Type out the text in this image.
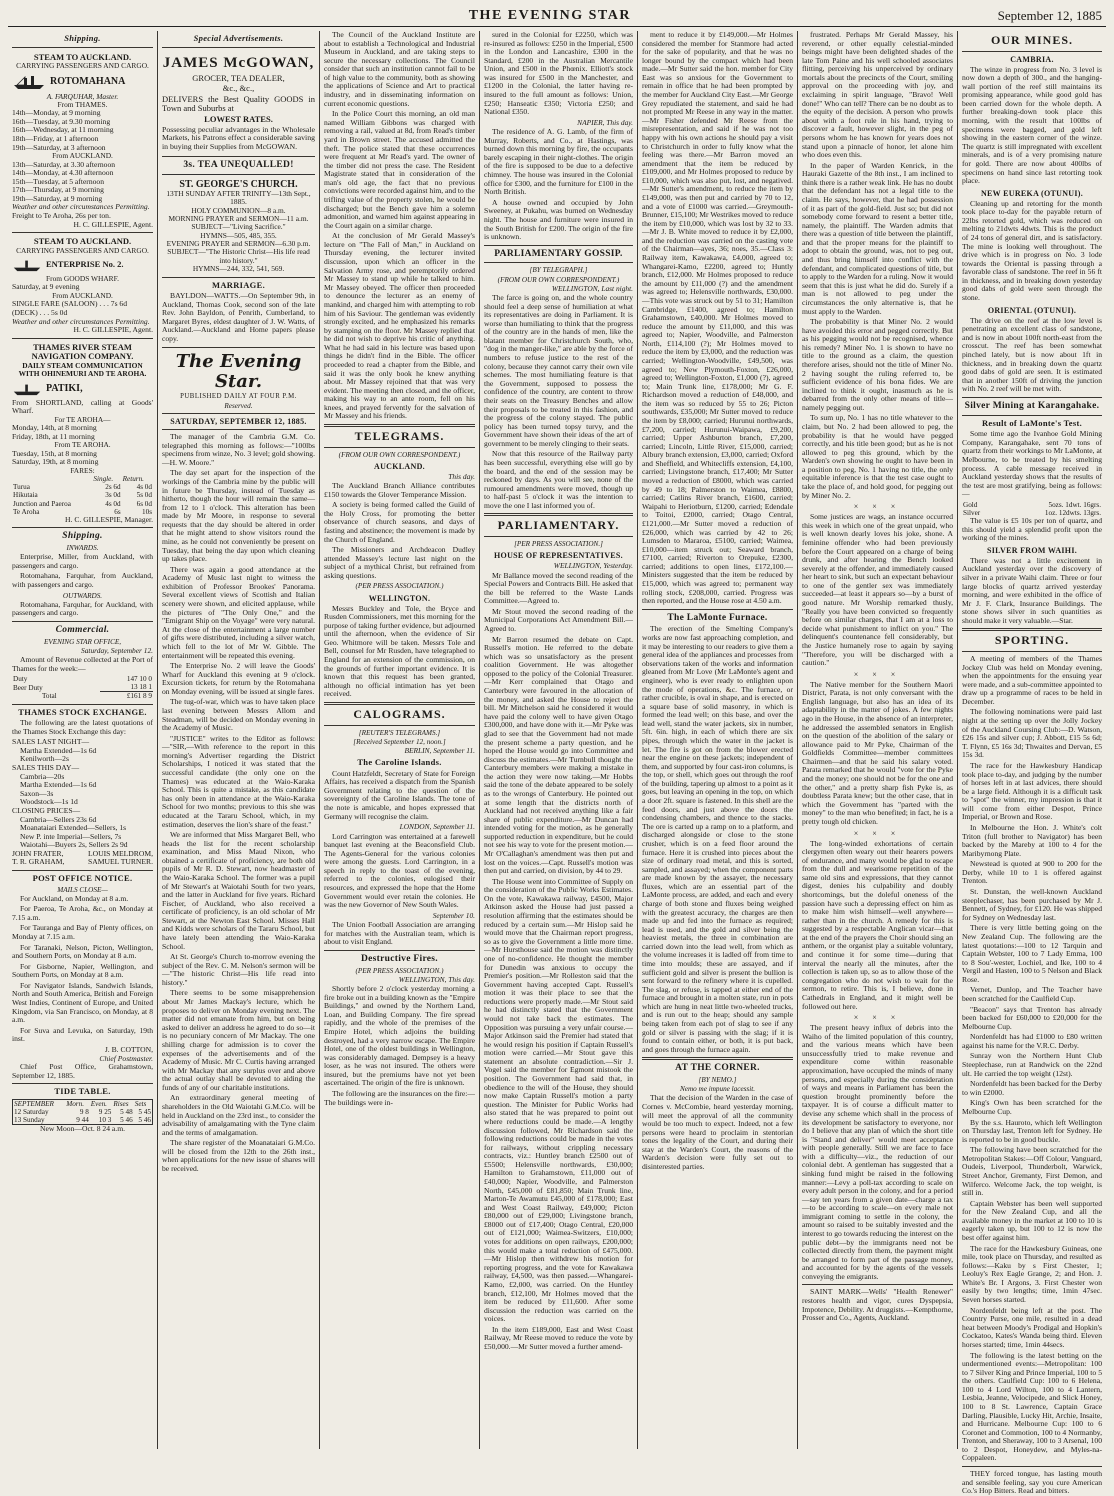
THE EVENING STAR	September 12, 1885
Shipping.
STEAM TO AUCKLAND.
CARRYING PASSENGERS AND CARGO.
ROTOMAHANA
A. FARQUHAR, Master.
From THAMES.
14th—Monday, at 9 morning
16th—Tuesday, at 9.30 morning
16th—Wednesday, at 11 morning
18th—Friday, at 1 afternoon
19th—Saturday, at 3 afternoon
From AUCKLAND.
13th—Saturday, at 3.30 afternoon
14th—Monday, at 4.30 afternoon
15th—Tuesday, at 5 afternoon
17th—Thursday, at 9 morning
19th—Saturday, at 9 morning
Weather and other circumstances Permitting.
Freight to Te Aroha, 26s per ton.
H. C. GILLESPIE, Agent.
STEAM TO AUCKLAND.
CARRYING PASSENGERS AND CARGO.
ENTERPRISE No. 2.
From GOODS WHARF.
Saturday, at 9 evening
From AUCKLAND.
SINGLE FARE (SALOON) . . . 7s 6d
(DECK) . . . 5s 0d
Weather and other circumstances Permitting.
H. C. GILLESPIE, Agent.
THAMES RIVER STEAM NAVIGATION COMPANY.
DAILY STEAM COMMUNICATION WITH OHINEMURI AND TE AROHA.
PATIKI,
From SHORTLAND, calling at Goods' Wharf.
For TE AROHA—
Monday, 14th, at 8 morning
Friday, 18th, at 11 morning
From TE AROHA.
Tuesday, 15th, at 8 morning
Saturday, 19th, at 8 morning
FARES:
	Single.	Return.
Turua	2s 6d	4s 0d
Hikutaia	3s 0d	5s 0d
Junction and Paeroa	4s 0d	6s 0d
Te Aroha	6s	10s
H. C. GILLESPIE, Manager.
Shipping.
INWARDS.
Enterprise, Miller, from Auckland, with passengers and cargo.
Rotomahana, Farquhar, from Auckland, with passengers and cargo.
OUTWARDS.
Rotomahana, Farquhar, for Auckland, with passengers and cargo.
Commercial.
EVENING STAR OFFICE,
Saturday, September 12.
Amount of Revenue collected at the Port of Thames for the week:—
Duty	147 10 0
Beer Duty	13 18 1
Total	£161 8 9
THAMES STOCK EXCHANGE.
The following are the latest quotations of the Thames Stock Exchange this day:
SALES LAST NIGHT—
Martha Extended—1s 6d
Kenilworth—2s
SALES THIS DAY—
Cambria—20s
Martha Extended—1s 6d
Saxon—3s
Woodstock—1s 1d
CLOSING PRICES—
Cambria—Sellers 23s 6d
Moanataiari Extended—Sellers, 1s
New P. inte Imperial—Sellers, 7s
Waiotahi—Buyers 2s, Sellers 2s 9d
JOHN FRATER,	LOUIS MELDROM,
T. R. GRAHAM,	SAMUEL TURNER.
POST OFFICE NOTICE.
MAILS CLOSE—
For Auckland, on Monday at 8 a.m.
For Paeroa, Te Aroha, &c., on Monday at 7.15 a.m.
For Tauranga and Bay of Plenty offices, on Monday at 7.15 a.m.
For Taranaki, Nelson, Picton, Wellington, and Southern Ports, on Monday at 8 a.m.
For Gisborne, Napier, Wellington, and Southern Ports, on Monday at 8 a.m.
For Navigator Islands, Sandwich Islands, North and South America, British and Foreign West Indies, Continent of Europe, and United Kingdom, via San Francisco, on Monday, at 8 a.m.
For Suva and Levuka, on Saturday, 19th inst.
J. B. COTTON,
Chief Postmaster.
Chief Post Office, Grahamstown, September 12, 1885.
TIDE TABLE.
SEPTEMBER	Morn.	Even.	Rises	Sets
12 Saturday	9 8	9 25	5 48	5 45
13 Sunday	9 44	10 3	5 46	5 46
New Moon—Oct. 8 24 a.m.
Special Advertisements.
JAMES McGOWAN,
GROCER, TEA DEALER,
&c., &c.,
DELIVERS the Best Quality GOODS in Town and Suburbs at
LOWEST RATES.
Possessing peculiar advantages in the Wholesale Markets, his Patrons effect a considerable saving in buying their Supplies from McGOWAN.
3s. TEA UNEQUALLED!
ST. GEORGE'S CHURCH.
13TH SUNDAY AFTER TRINITY—13th Sept., 1885.
HOLY COMMUNION—8 a.m.
MORNING PRAYER and SERMON—11 a.m.
SUBJECT—"Living Sacrifice."
HYMNS—505, 485, 355.
EVENING PRAYER and SERMON—6.30 p.m.
SUBJECT—"The Historic Christ—His life read into history."
HYMNS—244, 332, 541, 569.
MARRIAGE.
BAYLDON—WATTS.—On September 9th, in Auckland, Thomas Cook, second son of the late Rev. John Bayldon, of Penrith, Cumberland, to Margaret Byres, eldest daughter of J. W. Watts, of Auckland.—Auckland and Home papers please copy.
The Evening Star.
PUBLISHED DAILY AT FOUR P.M.
Reserved.
SATURDAY, SEPTEMBER 12, 1885.
The manager of the Cambria G.M. Co. telegraphed this morning as follows:—"100lbs specimens from winze, No. 3 level; gold showing.—H. W. Moore."
The day set apart for the inspection of the workings of the Cambria mine by the public will in future be Thursday, instead of Tuesday as hitherto, though the hour will remain the same—from 12 to 1 o'clock. This alteration has been made by Mr Moore, in response to several requests that the day should be altered in order that he might attend to show visitors round the mine, as he could not conveniently be present on Tuesday, that being the day upon which cleaning up takes place.
There was again a good attendance at the Academy of Music last night to witness the exhibition of Professor Brookes' Panorama. Several excellent views of Scottish and Italian scenery were shown, and elicited applause, while the pictures of "The Only One," and the "Emigrant Ship on the Voyage" were very natural. At the close of the entertainment a large number of gifts were distributed, including a silver watch, which fell to the lot of Mr W. Gibble. The entertainment will be repeated this evening.
The Enterprise No. 2 will leave the Goods' Wharf for Auckland this evening at 9 o'clock. Excursion tickets, for return by the Rotomahana on Monday evening, will be issued at single fares.
The tug-of-war, which was to have taken place last evening between Messrs Allom and Steadman, will be decided on Monday evening in the Academy of Music.
"JUSTICE" writes to the Editor as follows:—"SIR,—With reference to the report in this morning's Advertiser regarding the District Scholarships, I noticed it was stated that the successful candidate (the only one on the Thames) was educated at the Waio-Karaka School. This is quite a mistake, as this candidate has only been in attendance at the Waio-Karaka School for two months; previous to this she was educated at the Tararu School, which, in my estimation, deserves the lion's share of the feast."
We are informed that Miss Margaret Bell, who heads the list for the recent scholarship examination, and Miss Maud Nixon, who obtained a certificate of proficiency, are both old pupils of Mr R. D. Stewart, now headmaster of the Waio-Karaka School. The former was a pupil of Mr Stewart's at Waiotahi South for two years, and the latter in Auckland for five years. Richard Fischer, of Auckland, who also received a certificate of proficiency, is an old scholar of Mr Stewart, at the Newton East School. Misses Hall and Kidds were scholars of the Tararu School, but have lately been attending the Waio-Karaka School.
At St. George's Church to-morrow evening the subject of the Rev. C. M. Nelson's sermon will be—"The historic Christ—His life read into history."
There seems to be some misapprehension about Mr James Mackay's lecture, which he proposes to deliver on Monday evening next. The matter did not emanate from him, but on being asked to deliver an address he agreed to do so—it is no pecuniary concern of Mr Mackay. The one shilling charge for admission is to cover the expenses of the advertisements and of the Academy of Music. Mr C. Curtis having arranged with Mr Mackay that any surplus over and above the actual outlay shall be devoted to aiding the funds of any of our charitable institutions.
An extraordinary general meeting of shareholders in the Old Waiotahi G.M.Co. will be held in Auckland on the 23rd inst., to consider the advisability of amalgamating with the Tyne claim and the terms of amalgamation.
The share register of the Moanataiari G.M.Co. will be closed from the 12th to the 26th inst., when applications for the new issue of shares will be received.
The Council of the Auckland Institute are about to establish a Technological and Industrial Museum in Auckland, and are taking steps to secure the necessary collections. The Council consider that such an institution cannot fail to be of high value to the community, both as showing the applications of Science and Art to practical industry, and in disseminating information on current economic questions.
In the Police Court this morning, an old man named William Gibbons was charged with removing a rail, valued at 8d, from Read's timber yard in Brown street. The accused admitted the theft. The police stated that these occurrences were frequent at Mr Read's yard. The owner of the timber did not press the case. The Resident Magistrate stated that in consideration of the man's old age, the fact that no previous convictions were recorded against him, and to the trifling value of the property stolen, he would be discharged; but the Bench gave him a solemn admonition, and warned him against appearing in the Court again on a similar charge.
At the conclusion of Mr Gerald Massey's lecture on "The Fall of Man," in Auckland on Thursday evening, the lecturer invited discussion, upon which an officer in the Salvation Army rose, and peremptorily ordered Mr Massey to stand up while he talked to him. Mr Massey obeyed. The officer then proceeded to denounce the lecturer as an enemy of mankind, and charged him with attempting to rob him of his Saviour. The gentleman was evidently strongly excited, and he emphasized his remarks by stamping on the floor. Mr Massey replied that he did not wish to deprive his critic of anything. What he had said in his lecture was based upon things he didn't find in the Bible. The officer proceeded to read a chapter from the Bible, and said it was the only book he knew anything about. Mr Massey rejoined that that was very evident. The meeting then closed, and the officer, making his way to an ante room, fell on his knees, and prayed fervently for the salvation of Mr Massey and his friends.
TELEGRAMS.
(FROM OUR OWN CORRESPONDENT.)
AUCKLAND.
This day.
The Auckland Branch Alliance contributes £150 towards the Glover Temperance Mission.
A society is being formed called the Guild of the Holy Cross, for promoting the better observance of church seasons, and days of fasting and abstinence; the movement is made by the Church of England.
The Missioners and Archdeacon Dudley attended Massey's lecture last night on the subject of a mythical Christ, but refrained from asking questions.
(PER PRESS ASSOCIATION.)
WELLINGTON.
Messrs Buckley and Tole, the Bryce and Rusden Commissioners, met this morning for the purpose of taking further evidence, but adjourned until the afternoon, when the evidence of Sir Geo. Whitmore will be taken. Messrs Tole and Bell, counsel for Mr Rusden, have telegraphed to England for an extension of the commission, on the grounds of further important evidence. It is known that this request has been granted, although no official intimation has yet been received.
CALOGRAMS.
[REUTER'S TELEGRAMS.]
[Received September 12, noon.]
BERLIN, September 11.
The Caroline Islands.
Count Hatzfeldt, Secretary of State for Foreign Affairs, has received a dispatch from the Spanish Government relating to the question of the sovereignty of the Caroline Islands. The tone of the note is amicable, and hopes expressed that Germany will recognise the claim.
LONDON, September 11.
Lord Carrington was entertained at a farewell banquet last evening at the Beaconsfield Club. The Agents-General for the various colonies were among the guests. Lord Carrington, in a speech in reply to the toast of the evening, referred to the colonies, eulogised their resources, and expressed the hope that the Home Government would ever retain the colonies. He was the new Governor of New South Wales.
September 10.
The Union Football Association are arranging for matches with the Australian team, which is about to visit England.
Destructive Fires.
(PER PRESS ASSOCIATION.)
WELLINGTON, This day.
Shortly before 2 o'clock yesterday morning a fire broke out in a building known as the "Empire Buildings," and owned by the Northern Land, Loan, and Building Company. The fire spread rapidly, and the whole of the premises of the Empire Hotel, which adjoins the building destroyed, had a very narrow escape. The Empire Hotel, one of the oldest buildings in Wellington, was considerably damaged. Dempsey is a heavy loser, as he was not insured. The others were insured, but the premiums have not yet been ascertained. The origin of the fire is unknown.
The following are the insurances on the fire:—The buildings were in-
sured in the Colonial for £2250, which was re-insured as follows: £250 in the Imperial, £500 in the London and Lancashire, £300 in the Standard, £200 in the Australian Mercantile Union, and £500 in the Phœnix. Elliott's stock was insured for £500 in the Manchester, and £1200 in the Colonial, the latter having re-insured to the full amount as follows: Union, £250; Hanseatic £350; Victoria £250; and National £350.
NAPIER, This day.
The residence of A. G. Lamb, of the firm of Murray, Roberts, and Co., at Hastings, was burned down this morning by fire, the occupants barely escaping in their night-clothes. The origin of the fire is supposed to be due to a defective chimney. The house was insured in the Colonial office for £300, and the furniture for £100 in the North British.
A house owned and occupied by John Sweeney, at Pukahu, was burned on Wednesday night. The house and furniture were insured in the South British for £200. The origin of the fire is unknown.
PARLIAMENTARY GOSSIP.
[BY TELEGRAPH.]
(FROM OUR OWN CORRESPONDENT.)
WELLINGTON, Last night.
The farce is going on, and the whole country should feel a deep sense of humiliation at what its representatives are doing in Parliament. It is worse than humiliating to think that the progress of the country are in the hands of men, like the blatant member for Christchurch South, who, "dog in the manger-like," are able by the force of numbers to refuse justice to the rest of the colony, because they cannot carry their own vile schemes. The most humiliating feature is that the Government, supposed to possess the confidence of the country, are content to throw their seats on the Treasury Benches and allow their proposals to be treated in this fashion, and the progress of the colony stayed. The public policy has been turned topsy turvy, and the Government have shown their ideas of the art of government to be merely clinging to their seats.
Now that this resource of the Railway party has been successful, everything else will go by the board, and the end of the session may be reckoned by days. As you will see, none of the rumoured amendments were moved, though up to half-past 5 o'clock it was the intention to move the one I last informed you of.
PARLIAMENTARY.
[PER PRESS ASSOCIATION.]
HOUSE OF REPRESENTATIVES.
WELLINGTON, Yesterday.
Mr Ballance moved the second reading of the Special Powers and Contracts Bill. He asked that the bill be referred to the Waste Lands Committee.—Agreed to.
Mr Stout moved the second reading of the Municipal Corporations Act Amendment Bill.—Agreed to.
Mr Barron resumed the debate on Capt. Russell's motion. He referred to the debate which was so unsatisfactory as the present coalition Government. He was altogether opposed to the policy of the Colonial Treasurer.—Mr Kerr complained that Otago and Canterbury were favoured in the allocation of the money, and asked the House to reject the bill. Mr Mitchelson said he considered it would have paid the colony well to have given Otago £300,000, and have done with it.—Mr Pyke was glad to see that the Government had not made the present scheme a party question, and he hoped the House would go into Committee and discuss the estimates.—Mr Turnbull thought the Canterbury members were making a mistake in the action they were now taking.—Mr Hobbs said the tone of the debate appeared to be solely as to the wrongs of Canterbury. He pointed out at some length that the districts north of Auckland had not received anything like a fair share of public expenditure.—Mr Duncan had intended voting for the motion, as he generally supported reduction in expenditure, but he could not see his way to vote for the present motion.—Mr O'Callaghan's amendment was then put and lost on the voices.—Capt. Russell's motion was then put and carried, on division, by 44 to 29.
The House went into Committee of Supply on the consideration of the Public Works Estimates. On the vote, Kawakawa railway, £4500, Major Atkinson asked the House had just passed a resolution affirming that the estimates should be reduced by a certain sum.—Mr Hislop said he would move that the Chairman report progress, so as to give the Government a little more time.—Mr Hursthouse said the motion was distinctly one of no-confidence. He thought the member for Dunedin was anxious to occupy the Premier's position.—Mr Rolleston said that the Government having accepted Capt. Russell's motion it was their place to see that the reductions were properly made.—Mr Stout said he had distinctly stated that the Government would not take back the estimates. The Opposition was pursuing a very unfair course.—Major Atkinson said the Premier had stated that he would resign his position if Captain Russell's motion were carried.—Mr Stout gave this statement an absolute contradiction.—Sir J. Vogel said the member for Egmont mistook the position. The Government had said that, in obedience to the will of the House, they should now make Captain Russell's motion a party question. The Minister for Public Works had also stated that he was prepared to point out where reductions could be made.—A lengthy discussion followed, Mr Richardson said the following reductions could be made in the votes for railways, without crippling necessary contracts, viz.: Huntley branch £2500 out of £5500; Helensville northwards, £30,000; Hamilton to Grahamstown, £11,000 out of £40,000; Napier, Woodville, and Palmerston North, £45,000 of £81,850; Main Trunk line, Marton-Te Awamutu £45,000 of £178,000; East and West Coast Railway, £49,000; Picton £80,000 out of £29,000; Livingstone branch, £8000 out of £17,400; Otago Central, £20,000 out of £121,000; Waimea-Switzers, £10,000; votes for additions on open railways, £200,000; this would make a total reduction of £475,000.—Mr Hislop then withdrew his motion for reporting progress, and the vote for Kawakawa railway, £4,500, was then passed.—Whangarei-Kamo, £2,000, was carried. On the Huntley branch, £12,100, Mr Holmes moved that the item be reduced by £11,600. After some discussion the reduction was carried on the voices.
In the item £189,000, East and West Coast Railway, Mr Reese moved to reduce the vote by £50,000.—Mr Sutter moved a further amend-
ment to reduce it by £149,000.—Mr Holmes considered the member for Stanmore had acted for the sake of popularity, and that he was no longer bound by the compact which had been made.—Mr Sutter said the hon. member for City East was so anxious for the Government to remain in office that he had been prompted by the member for Auckland City East.—Mr George Grey repudiated the statement, and said he had not prompted Mr Reese in any way in the matter.—Mr Fisher defended Mr Reese from the misrepresentation, and said if he was not too happy with his own actions he should pay a visit to Christchurch in order to fully know what the feeling was there.—Mr Barron moved an amendment that the item be reduced by £109,000, and Mr Holmes proposed to reduce by £10,000, which was also put, lost, and negatived.—Mr Sutter's amendment, to reduce the item by £149,000, was then put and carried by 70 to 12, and a vote of £1000 was carried.—Greymouth-Brunner, £15,100; Mr Westrikes moved to reduce the item by £10,000, which was lost by 32 to 33.—Mr J. B. White moved to reduce it by £2,000, and the reduction was carried on the casting vote of the Chairman—ayes, 36; noes, 35.—Class 3: Railway item, Kawakawa, £4,000, agreed to; Whangarei-Kamo, £2200, agreed to; Huntly branch, £12,000. Mr Holmes proposed to reduce the amount by £11,000 (?) and the amendment was agreed to; Helensville northwards, £30,000.—This vote was struck out by 51 to 31; Hamilton Cambridge, £1400, agreed to; Hamilton Grahamstown, £40,000. Mr Holmes moved to reduce the amount by £11,000, and this was agreed to; Napier, Woodville, and Palmerston North, £114,100 (?); Mr Holmes moved to reduce the item by £3,000, and the reduction was carried; Wellington-Woodville, £49,500, was agreed to; New Plymouth-Foxton, £26,000, agreed to; Wellington-Foxton, £1,000 (?), agreed to; Main Trunk line, £178,000; Mr G. F. Richardson moved a reduction of £48,000, and the item was so reduced by 55 to 26; Picton southwards, £35,000; Mr Sutter moved to reduce the item by £8,000; carried; Hurunui northwards, £7,200, carried; Hurunui-Waipawa, £9,200, carried; Upper Ashburton branch, £7,200, carried; Lincoln, Little River, £15,000, carried; Albury branch extension, £3,000, carried; Oxford and Sheffield, and Whitecliffs extension, £4,100, carried; Livingstone branch, £17,400; Mr Sutter moved a reduction of £8000, which was carried by 49 to 18; Palmerston to Waimea, £8800, carried; Catlins River branch, £1600, carried; Waipahi to Heriotburn, £1200, carried; Edendale to Toitoi, £2000, carried; Otago Central, £121,000.—Mr Sutter moved a reduction of £26,000, which was carried by 42 to 26; Lumsden to Mararoa, £5100, carried; Waimea, £10,000—item struck out; Seaward branch, £7100, carried; Riverton to Orepuke, £2300, carried; additions to open lines, £172,100.—Ministers suggested that the item be reduced by £15,000, which was agreed to; permanent way rolling stock, £208,000, carried. Progress was then reported, and the House rose at 4.50 a.m.
The LaMonte Furnace.
The erection of the Smelting Company's works are now fast approaching completion, and it may be interesting to our readers to give them a general idea of the appliances and processes from observations taken of the works and information gleaned from Mr Love (Mr LaMonte's agent and engineer), who is ever ready to enlighten upon the mode of operations, &c. The furnace, or rather crucible, is oval in shape, and is erected on a square base of solid masonry, in which is formed the lead well; on this base, and over the lead well, stand the water jackets, six in number, 5ft. 6in. high, in each of which there are six pipes, through which the water in the jacket is let. The fire is got on from the blower erected near the engine on these jackets; independent of them, and supported by four cast-iron columns, is the top, or shell, which goes out through the roof of the building, tapering up almost to a point as it goes, but leaving an opening in the top, on which a door 2ft. square is fastened. In this shell are the feed doors, and just above the doors the condensing chambers, and thence to the stacks. The ore is carted up a ramp on to a platform, and discharged alongside or close to the stone crusher, which is on a feed floor around the furnace. Here it is crushed into pieces about the size of ordinary road metal, and this is sorted, sampled, and assayed; when the component parts are made known by the assayer, the necessary fluxes, which are an essential part of the LaMonte process, are added, and each and every charge of both stone and fluxes being weighed with the greatest accuracy, the charges are then made up and fed into the furnace as required; lead is used, and the gold and silver being the heaviest metals, the three in combination are carried down into the lead well, from which as the volume increases it is ladled off from time to time into moulds; these are assayed, and if sufficient gold and silver is present the bullion is sent forward to the refinery where it is cupelled. The slag, or refuse, is tapped at either end of the furnace and brought in a molten state, run in pots which are hung in neat little two-wheeled trucks, and is run out to the heap; should any sample being taken from each pot of slag to see if any gold or silver is passing with the slag; if it is found to contain either, or both, it is put back, and goes through the furnace again.
AT THE CORNER.
[BY NEMO.]
Nemo me impune lacessit.
That the decision of the Warden in the case of Cornes v. McCombie, heard yesterday morning, will meet the approval of all the community would be too much to expect. Indeed, not a few persons were heard to proclaim in stentorian tones the legality of the Court, and during their stay at the Warden's Court, the reasons of the Warden's decision were fully set out to disinterested parties.
frustrated. Perhaps Mr Gerald Massey, his reverend, or other equally celestial-minded beings might have been delighted shades of the late Tom Paine and his well schooled associates flitting, perceiving his unperceived by ordinary mortals about the precincts of the Court, smiling approval on the proceeding with joy, and exclaiming in spirit language, "Bravo! Well done!" Who can tell? There can be no doubt as to the equity of the decision. A person who prowls about with a foot rule in his hand, trying to discover a fault, however slight, in the peg of persons whom he has known for years does not stand upon a pinnacle of honor, let alone him who does even this.
In the paper of Warden Kenrick, in the Hauraki Gazette of the 8th inst., I am inclined to think there is a rather weak link. He has no doubt that the defendant has not a legal title to the claim. He says, however, that he had possession of it as part of the gold-field. Just so; but did not somebody come forward to resent a better title, namely, the plaintiff. The Warden admits that there was a question of title between the plaintiff, and that the proper means for the plaintiff to adopt to obtain the ground, was, not to peg out, and thus bring himself into conflict with the defendant, and complicated questions of title, but to apply to the Warden for a ruling. Now it would seem that this is just what he did do. Surely if a man is not allowed to peg under the circumstances the only alternative is, that he must apply to the Warden.
The probability is that Miner No. 2 would have avoided this error and pegged correctly. But as his pegging would not be recognised, whence his remedy? Miner No. 1 is shown to have no title to the ground as a claim, the question therefore arises, should not the title of Miner No. 2 having sought the ruling referred to, be sufficient evidence of his bona fides. We are inclined to think it ought, inasmuch as he is debarred from the only other means of title—namely pegging out.
To sum up, No. 1 has no title whatever to the claim, but No. 2 had been allowed to peg, the probability is that he would have pegged correctly, and his title been good; but as he is not allowed to peg this ground, which by the Warden's own showing he ought to have been in a position to peg, No. 1 having no title, the only equitable inference is that the test case ought to take the place of, and hold good, for pegging out by Miner No. 2.
× × ×
Some justices are wags, an instance occurred this week in which one of the great unpaid, who is well known dearly loves his joke, shone. A feminine offender who had been previously before the Court appeared on a charge of being drunk, and after hearing the Bench looked severely at the offender, and immediately caused her heart to sink, but such an expectant behaviour to one of the gentler sex was immediately succeeded—at least it appears so—by a burst of good nature. Mr Worship remarked thusly, "Really you have been convicted so frequently before on similar charges, that I am at a loss to decide what punishment to inflict on you." The delinquent's countenance fell considerably, but the Justice humanely rose to again by saying "Therefore, you will be discharged with a caution."
× × ×
The Native member for the Southern Maori District, Parata, is not only conversant with the English language, but also has an idea of its adaptability in the matter of jokes. A few nights ago in the House, in the absence of an interpreter, he addressed the assembled senators in English on the question of the abolition of the salary or allowance paid to Mr Pyke, Chairman of the Goldfields Committee—member committees Chairmen—and that he said his salary voted. Parata remarked that he would "vote for the Pyke and the money; one should not be for the one and the other," and a pretty sharp fish Pyke is, as doubtless Parata knew; but the other case, that in which the Government has "parted with the money" to the man who benefited; in fact, he is a pretty tough old chicken.
× × ×
The long-winded exhortations of certain clergymen often weary out their hearers powers of endurance, and many would be glad to escape from the dull and wearisome repetition of the same old sins and expressions, that they cannot digest, denies his culpability and doubly shortcomings, but the doleful oneness of the passion have such a depressing effect on him as to make him wish himself—well anywhere—rather than in the church. A remedy for this is suggested by a respectable Anglican vicar—that at the end of the prayers the Choir should sing an anthem, or the organist play a suitable voluntary, and continue it for some time—during that interval the nearly all the minutes, after the collection is taken up, so as to allow those of the congregation who do not wish to wait for the sermon, to retire. This is, I believe, done in Cathedrals in England, and it might well be followed out here.
× × ×
The present heavy influx of debris into the Waiho of the limited population of this country, and the various means which have been unsuccessfully tried to make revenue and expenditure come within reasonable approximation, have occupied the minds of many persons, and especially during the consideration of ways and means in Parliament has been the question brought prominently before the taxpayer. It is of course a difficult matter to devise any scheme which shall in the process of its development be satisfactory to everyone, nor do I believe that any plan of which the short title is "Stand and deliver" would meet acceptance with people generally. Still we are face to face with a difficulty—viz., the reduction of our colonial debt. A gentleman has suggested that a sinking fund might be raised in the following manner:—Levy a poll-tax according to scale on every adult person in the colony, and for a period—say ten years from a given date—charge a tax—to be according to scale—on every male not immigrant coming to settle in the colony, the amount so raised to be suitably invested and the interest to go towards reducing the interest on the public debt—by the immigrants need not be collected directly from them, the payment might be arranged to form part of the passage money, and accounted for by the agents of the vessels conveying the emigrants.
SAINT MARK—Wells' "Health Renewer" restores health and vigor, cures Dyspepsia, Impotence, Debility. At druggists.—Kempthorne, Prosser and Co., Agents, Auckland.
OUR MINES.
CAMBRIA.
The winze in progress from No. 3 level is now down a depth of 300., and the hanging-wall portion of the reef still maintains its promising appearance, while good gold has been carried down for the whole depth. A further breaking-down took place this morning, with the result that 100lbs of specimens were bagged, and gold left showing in the eastern corner of the winze. The quartz is still impregnated with excellent minerals, and is of a very promising nature for gold. There are now about 400lbs of specimens on hand since last retorting took place.
NEW EUREKA (OTUNUI).
Cleaning up and retorting for the month took place to-day for the payable return of 22lbs retorted gold, which was reduced on melting to 21dwts 4dwts. This is the product of 24 tons of general dirt, and is satisfactory. The mine is looking well throughout. The drive which is in progress on No. 3 lode towards the Oriental is passing through a favorable class of sandstone. The reef in 56 ft in thickness, and in breaking down yesterday good dabs of gold were seen through the stone.
ORIENTAL (OTUNUI).
The drive on the reef at the low level is penetrating an excellent class of sandstone, and is now in about 100ft north-east from the crosscut. The reef has been somewhat pinched lately, but is now about 1ft in thickness, and in breaking down the quartz good dabs of gold are seen. It is estimated that in another 150ft of driving the junction with No. 2 reef will be met with.
Silver Mining at Karangahake.
Result of LaMonte's Test.
Some time ago the Ivanhoe Gold Mining Company, Karangahake, sent 70 tons of quartz from their workings to Mr LaMonte, at Melbourne, to be treated by his smelting process. A cable message received in Auckland yesterday shows that the results of the test are most gratifying, being as follows:—
Gold	5ozs. 1dwt. 16grs.
Silver	1oz. 12dwts. 13grs.
The value is £5 10s per ton of quartz, and this should yield a splendid profit upon the working of the mines.
SILVER FROM WAIHI.
There was not a little excitement in Auckland yesterday over the discovery of silver in a private Waihi claim. Three or four large blocks of quartz arrived yesterday morning, and were exhibited in the office of Mr J. F. Clark, Insurance Buildings. The stone shows silver in such quantities as should make it very valuable.—Star.
SPORTING.
A meeting of members of the Thames Jockey Club was held on Monday evening, when the appointments for the ensuing year were made, and a sub-committee appointed to draw up a programme of races to be held in December.
The following nominations were paid last night at the setting up over the Jolly Jockey of the Auckland Coursing Club:—D. Watson, £26 15s and silver cup; J. Abbott, £15 5s 6d; T. Flynn, £5 16s 3d; Thwaites and Dervan, £5 15s 3d.
The race for the Hawkesbury Handicap took place to-day, and judging by the number of horses left in at last advices, there should be a large field. Although it is a difficult task to "spot" the winner, my impression is that it will come from either Despot, Prince Imperial, or Brown and Rose.
In Melbourne the Hon. J. White's colt Triton (full brother to Navigator) has been backed by the Mareby at 100 to 4 for the Maribyrnong Plate.
Newstead is quoted at 900 to 200 for the Derby, while 10 to 1 is offered against Trenton.
St. Dunstan, the well-known Auckland steeplechaser, has been purchased by Mr J. Bennett, of Sydney, for £120. He was shipped for Sydney on Wednesday last.
There is very little betting going on the New Zealand Cup. The following are the latest quotations:—100 to 12 Tarquin and Captain Webster, 100 to 7 Lady Emma, 100 to 8 Sou'-wester, Lochiel, and Ike, 100 to 4 Vergil and Hasten, 100 to 5 Nelson and Black Rose.
Vernet, Dunlop, and The Teacher have been scratched for the Caulfield Cup.
"Beacon" says that Trenton has already been backed for £60,000 to £20,000 for the Melbourne Cup.
Nordenfeldt has had £1000 to £80 written against his name for the V.R.C. Derby.
Sunray won the Northern Hunt Club Steeplechase, run at Randwick on the 22nd ult. He carried the top weight (12st).
Nordenfeldt has been backed for the Derby to win £2000.
King's Own has been scratched for the Melbourne Cup.
By the s.s. Hauroto, which left Wellington on Thursday last, Trenton left for Sydney. He is reported to be in good buckle.
The following have been scratched for the Metropolitan Stakes:—Off Colour, Vanguard, Oudeis, Liverpool, Thunderbolt, Warwick, Street Anchor, Gremanty, First Demon, and Wilferco. Welcome Jack, the top weight, is still in.
Captain Webster has been well supported for the New Zealand Cup, and all the available money in the market at 100 to 10 is eagerly taken up, but 100 to 12 is now the best offer against him.
The race for the Hawkesbury Guineas, one mile, took place on Thursday, and resulted as follows:—Kaku by s First Chester, 1; Leoluy's Rex Eagle Grange, 2; and Hon. J. White's Br. I Argons, 3. First Chester won easily by two lengths; time, 1min 47sec. Seven horses started.
Nordenfeldt being left at the post. The Country Purse, one mile, resulted in a dead heat between Moody's Prodigal and Hopkin's Cockatoo, Kates's Wanda being third. Eleven horses started; time, 1min 44secs.
The following is the latest betting on the undermentioned events:—Metropolitan: 100 to 7 Silver King and Prince Imperial, 100 to 5 the others. Caulfield Cup: 100 to 6 Helena, 100 to 4 Lord Wilton, 100 to 4 Lantern, Lesbia, Jeanne, Velocipede, and Slick Honey, 100 to 8 St. Lawrence, Captain Grace Darling, Plausible, Lucky Hit, Archie, Insaite, and Hurricane. Melbourne Cup: 100 to 6 Coronet and Commotion, 100 to 4 Normanby, Trenton, and Sheraway, 100 to 3 Arsenal, 100 to 2 Despot, Honeydew, and Myles-na-Coppaleen.
THEY forced tongue, has lasting mouth and sensible feeling, say you cure American Co.'s Hop Bitters. Read and bitters.
